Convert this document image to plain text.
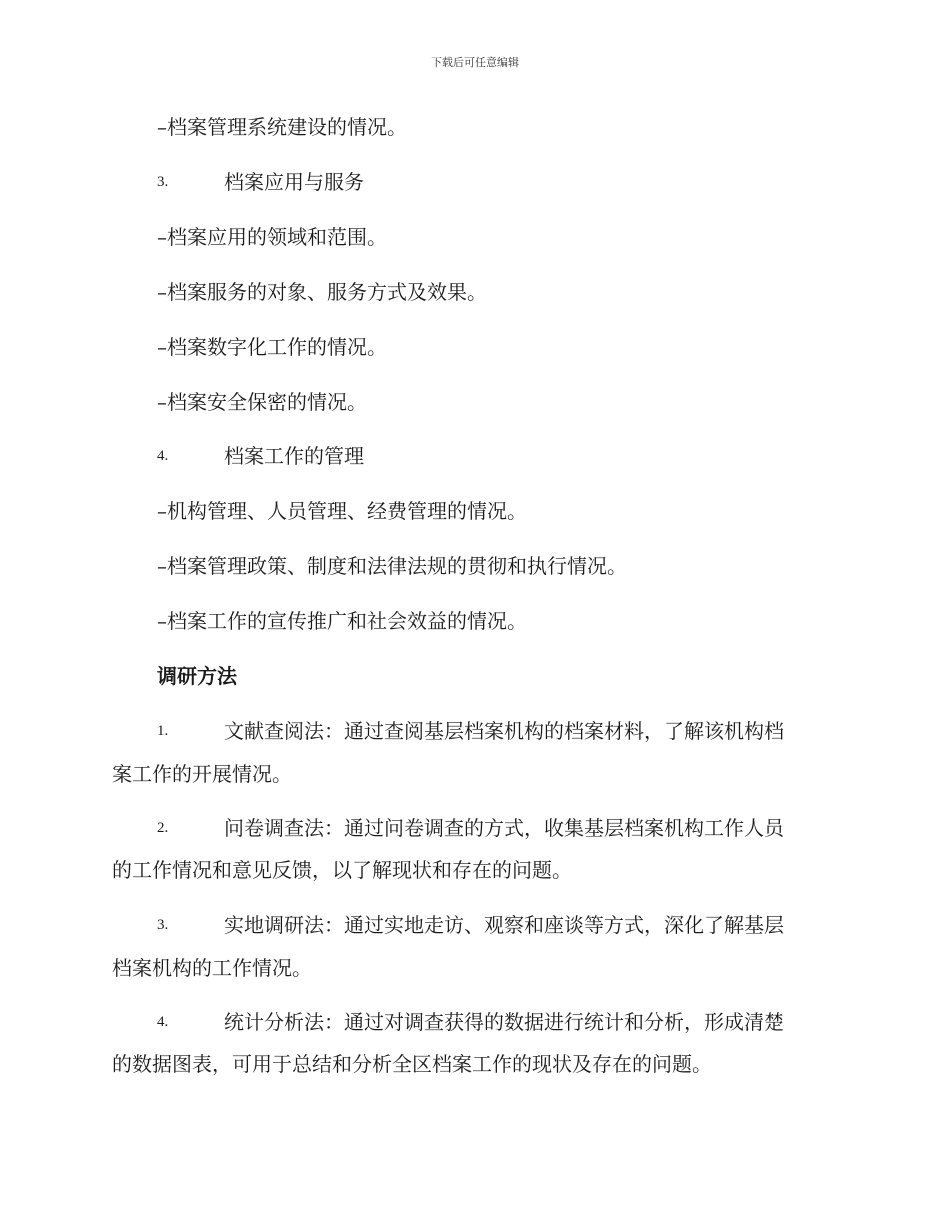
下载后可任意编辑
–档案管理系统建设的情况。
3.	档案应用与服务
–档案应用的领域和范围。
–档案服务的对象、服务方式及效果。
–档案数字化工作的情况。
–档案安全保密的情况。
4.	档案工作的管理
–机构管理、人员管理、经费管理的情况。
–档案管理政策、制度和法律法规的贯彻和执行情况。
–档案工作的宣传推广和社会效益的情况。
调研方法
1.	文献查阅法：通过查阅基层档案机构的档案材料，了解该机构档
案工作的开展情况。
2.	问卷调查法：通过问卷调查的方式，收集基层档案机构工作人员
的工作情况和意见反馈，以了解现状和存在的问题。
3.	实地调研法：通过实地走访、观察和座谈等方式，深化了解基层
档案机构的工作情况。
4.	统计分析法：通过对调查获得的数据进行统计和分析，形成清楚
的数据图表，可用于总结和分析全区档案工作的现状及存在的问题。
